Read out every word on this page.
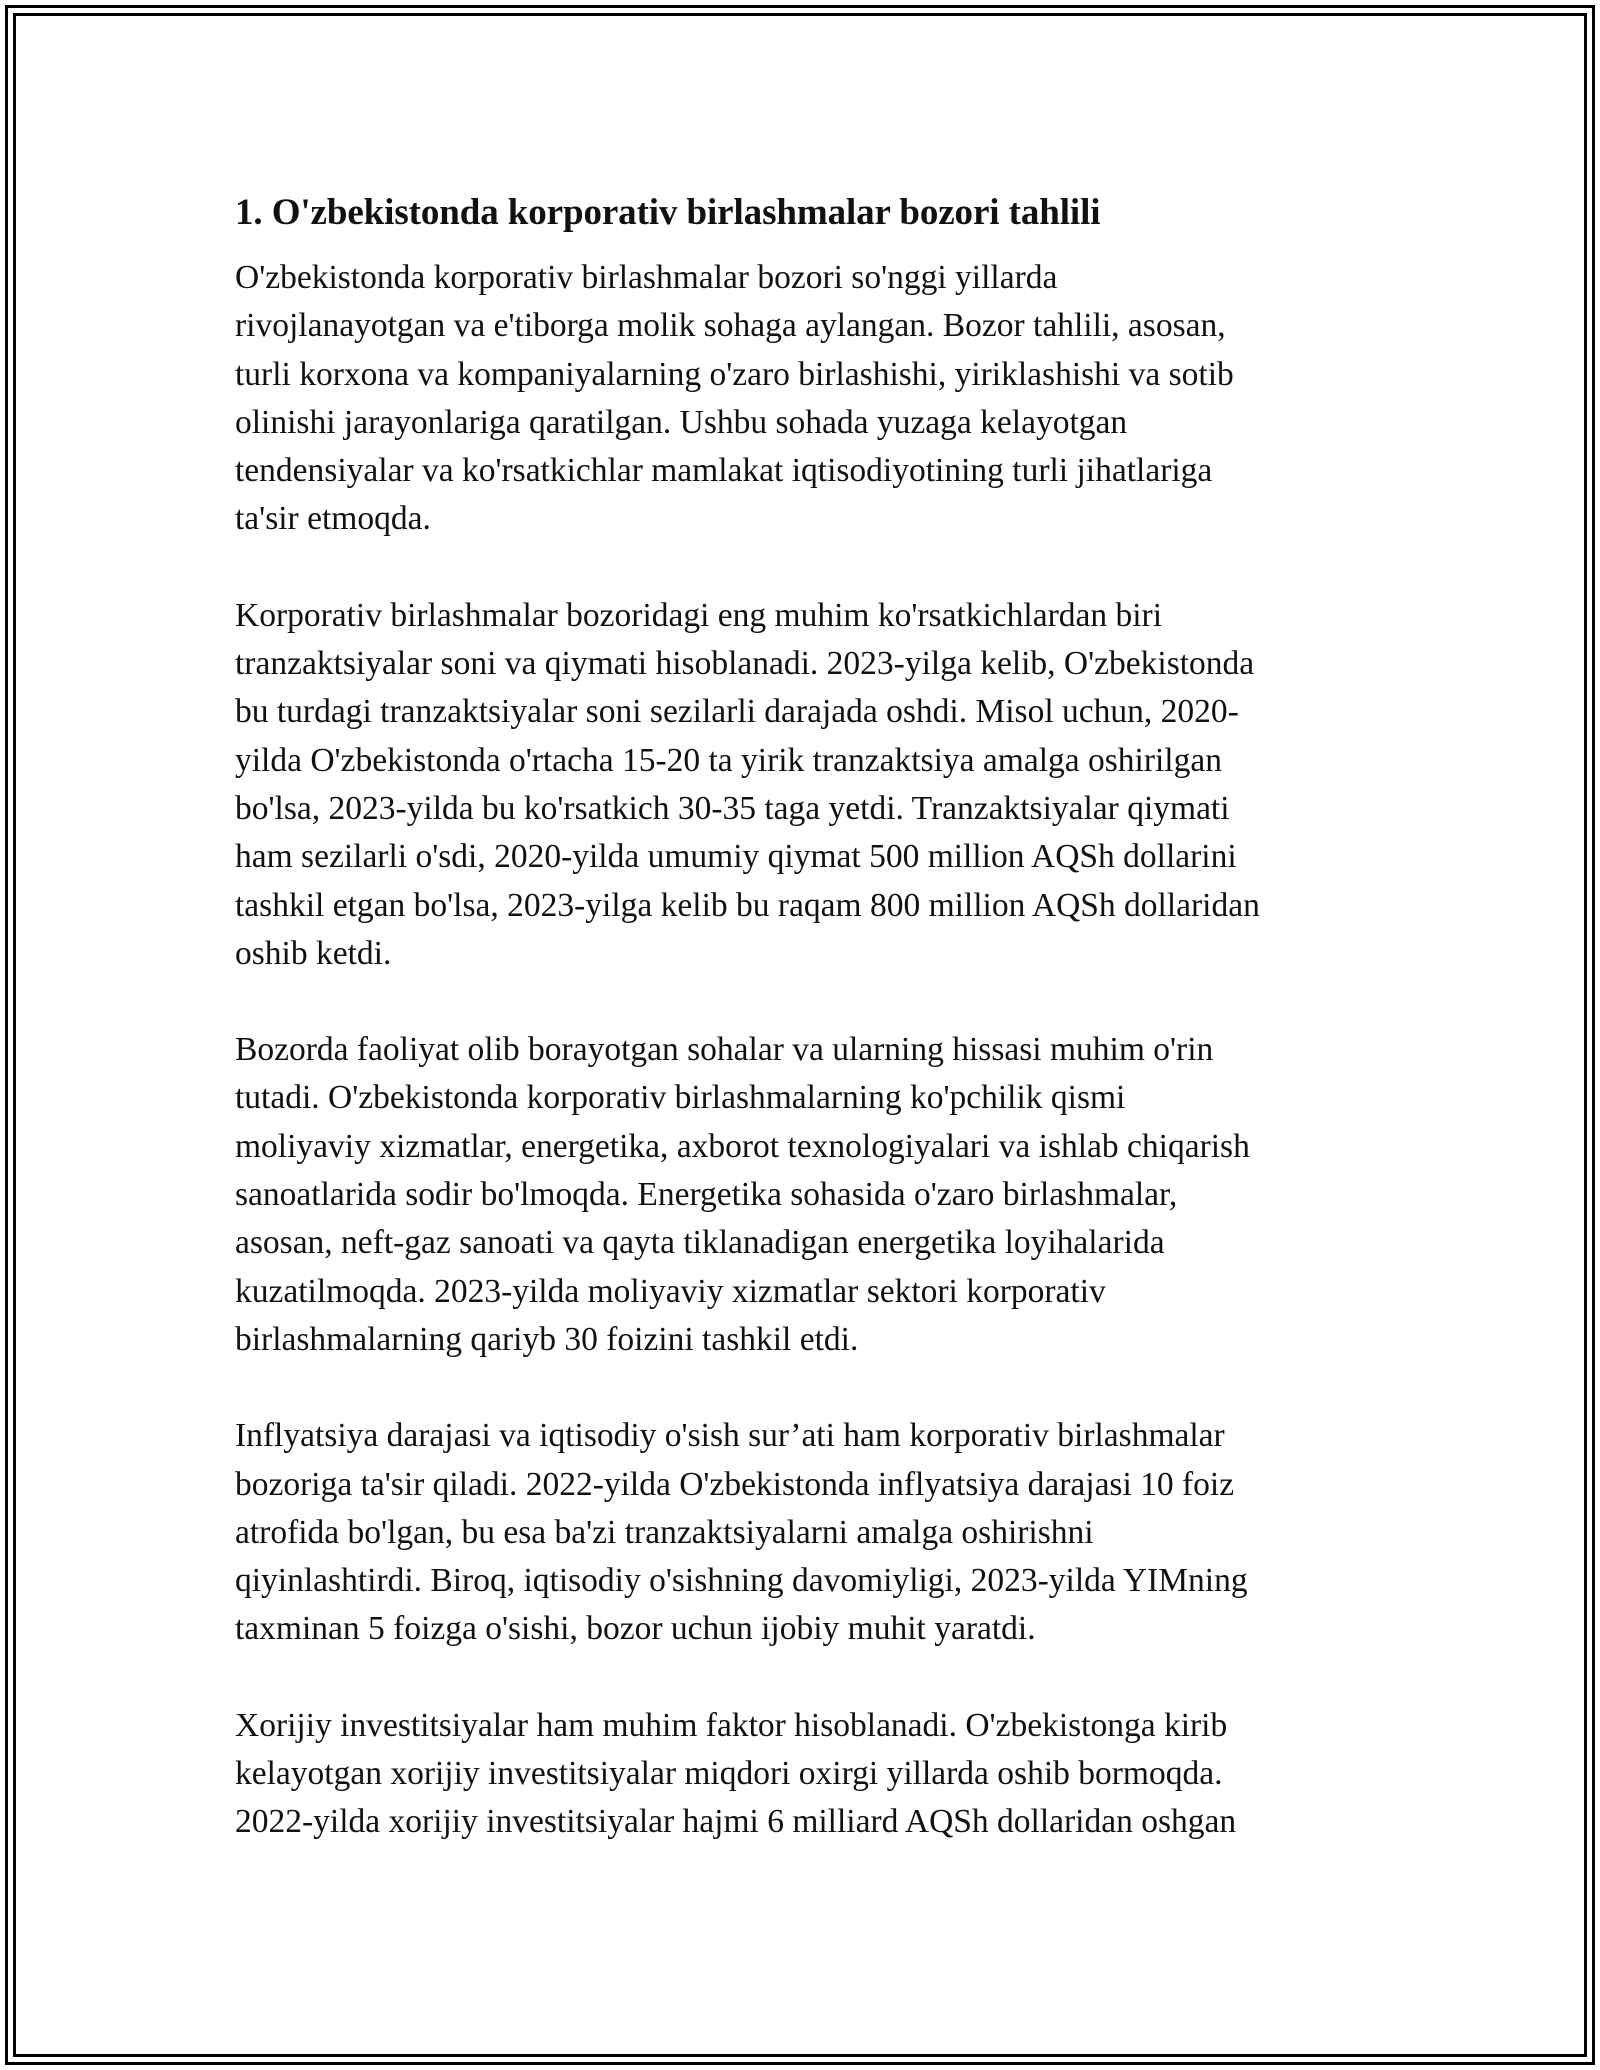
1. O'zbekistonda korporativ birlashmalar bozori tahlili

O'zbekistonda korporativ birlashmalar bozori so'nggi yillarda
rivojlanayotgan va e'tiborga molik sohaga aylangan. Bozor tahlili, asosan,
turli korxona va kompaniyalarning o'zaro birlashishi, yiriklashishi va sotib
olinishi jarayonlariga qaratilgan. Ushbu sohada yuzaga kelayotgan
tendensiyalar va ko'rsatkichlar mamlakat iqtisodiyotining turli jihatlariga
ta'sir etmoqda.

Korporativ birlashmalar bozoridagi eng muhim ko'rsatkichlardan biri
tranzaktsiyalar soni va qiymati hisoblanadi. 2023-yilga kelib, O'zbekistonda
bu turdagi tranzaktsiyalar soni sezilarli darajada oshdi. Misol uchun, 2020-
yilda O'zbekistonda o'rtacha 15-20 ta yirik tranzaktsiya amalga oshirilgan
bo'lsa, 2023-yilda bu ko'rsatkich 30-35 taga yetdi. Tranzaktsiyalar qiymati
ham sezilarli o'sdi, 2020-yilda umumiy qiymat 500 million AQSh dollarini
tashkil etgan bo'lsa, 2023-yilga kelib bu raqam 800 million AQSh dollaridan
oshib ketdi.

Bozorda faoliyat olib borayotgan sohalar va ularning hissasi muhim o'rin
tutadi. O'zbekistonda korporativ birlashmalarning ko'pchilik qismi
moliyaviy xizmatlar, energetika, axborot texnologiyalari va ishlab chiqarish
sanoatlarida sodir bo'lmoqda. Energetika sohasida o'zaro birlashmalar,
asosan, neft-gaz sanoati va qayta tiklanadigan energetika loyihalarida
kuzatilmoqda. 2023-yilda moliyaviy xizmatlar sektori korporativ
birlashmalarning qariyb 30 foizini tashkil etdi.

Inflyatsiya darajasi va iqtisodiy o'sish sur’ati ham korporativ birlashmalar
bozoriga ta'sir qiladi. 2022-yilda O'zbekistonda inflyatsiya darajasi 10 foiz
atrofida bo'lgan, bu esa ba'zi tranzaktsiyalarni amalga oshirishni
qiyinlashtirdi. Biroq, iqtisodiy o'sishning davomiyligi, 2023-yilda YIMning
taxminan 5 foizga o'sishi, bozor uchun ijobiy muhit yaratdi.

Xorijiy investitsiyalar ham muhim faktor hisoblanadi. O'zbekistonga kirib
kelayotgan xorijiy investitsiyalar miqdori oxirgi yillarda oshib bormoqda.
2022-yilda xorijiy investitsiyalar hajmi 6 milliard AQSh dollaridan oshgan
